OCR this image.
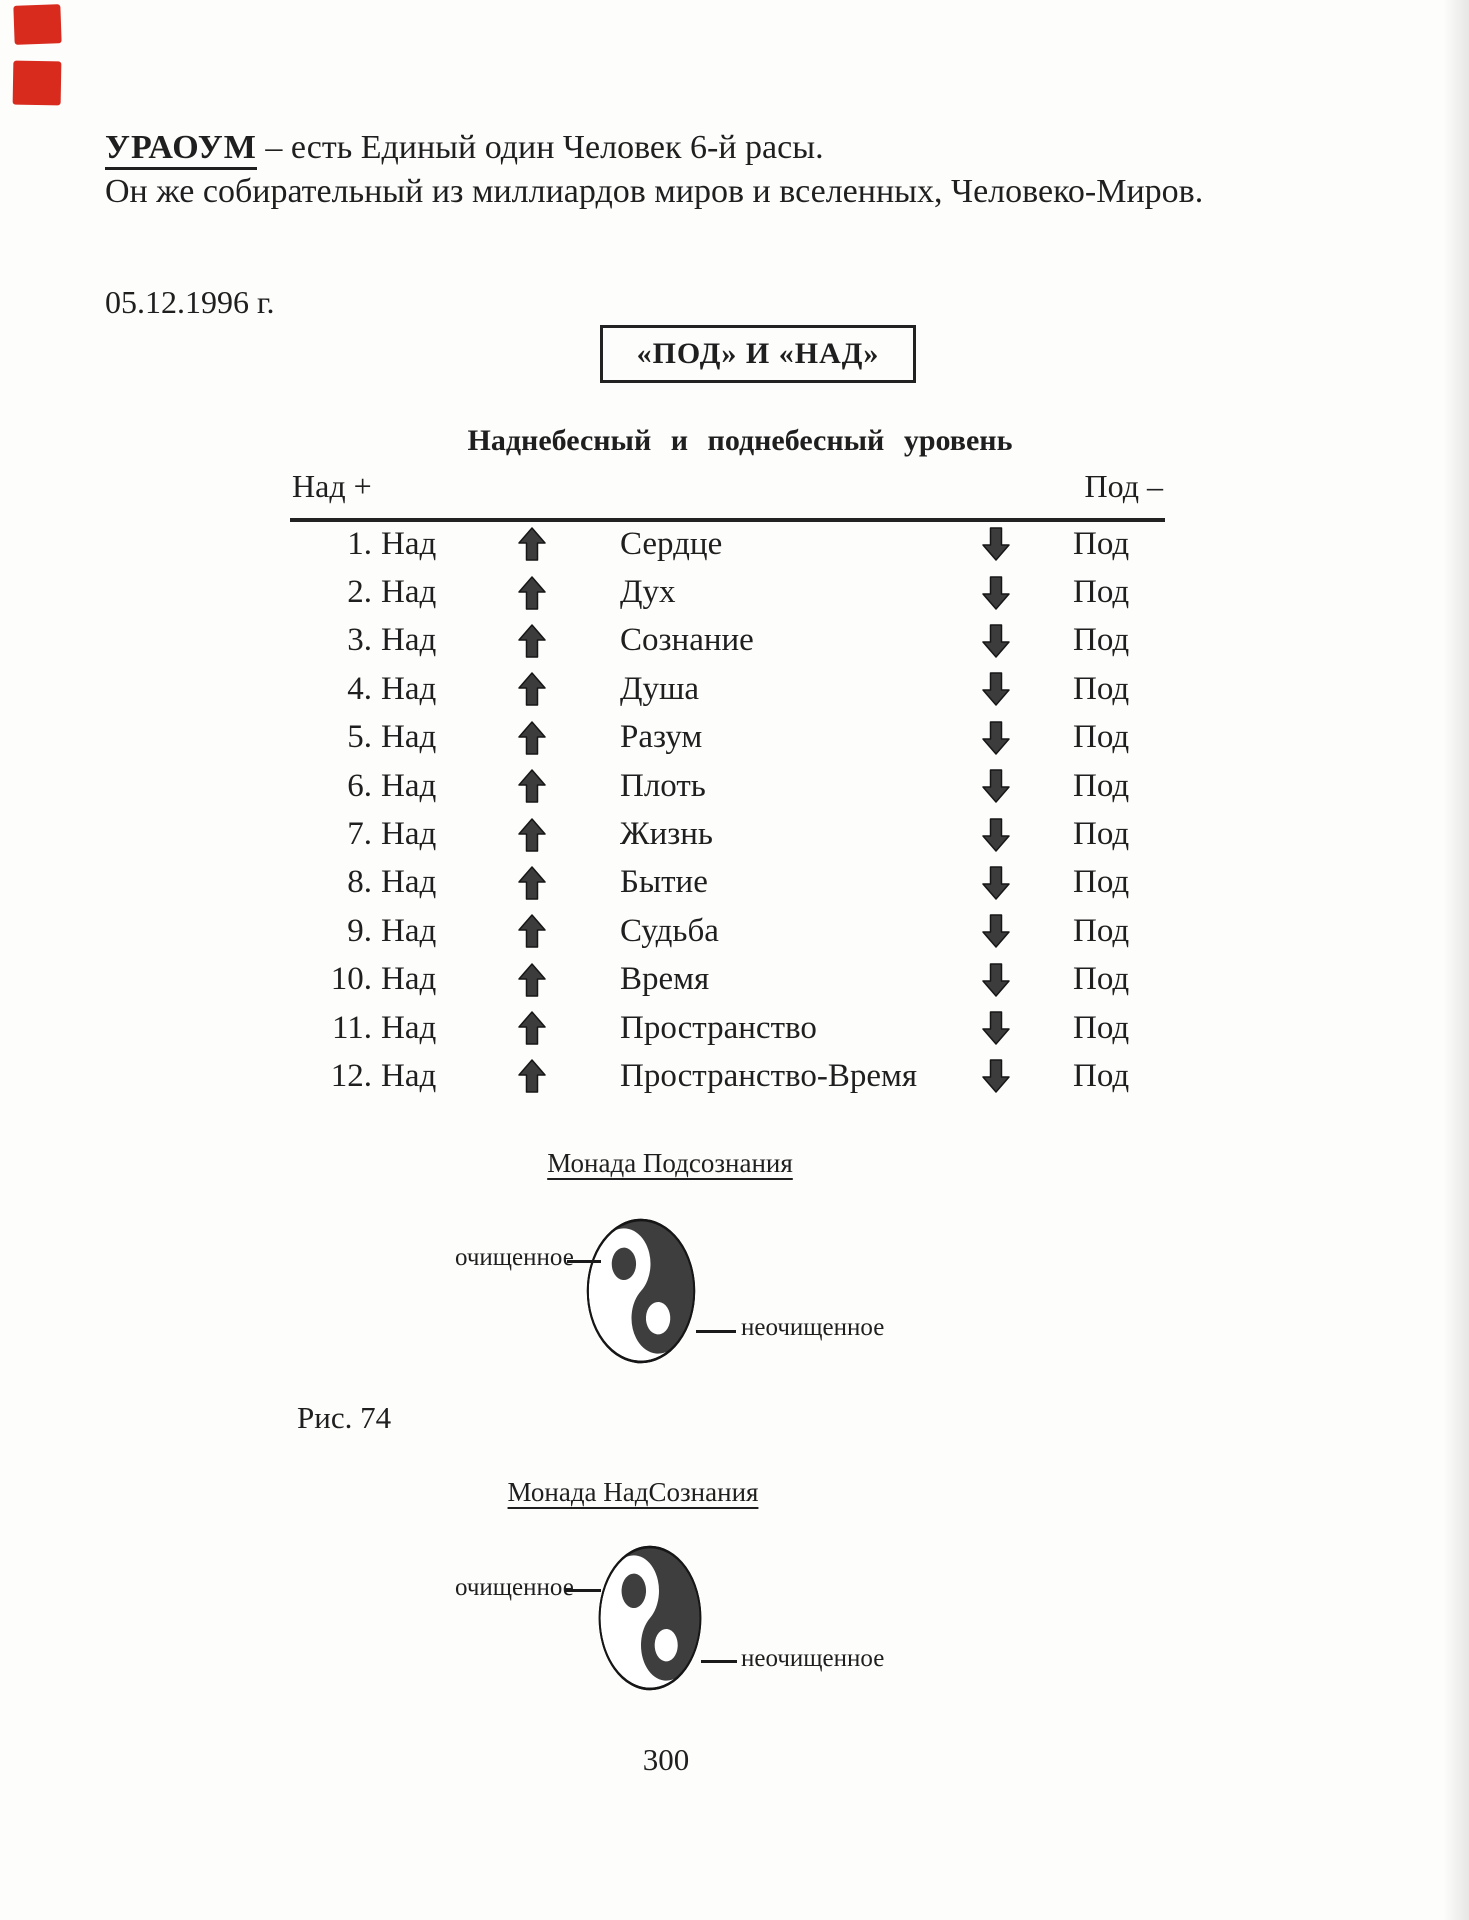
УРАОУМ – есть Единый один Человек 6-й расы.
Он же собирательный из миллиардов миров и вселенных, Человеко-Миров.
05.12.1996 г.
«ПОД» И «НАД»
Наднебесный и поднебесный уровень
Над +	Под –
1. Над	Сердце	Под
2. Над	Дух	Под
3. Над	Сознание	Под
4. Над	Душа	Под
5. Над	Разум	Под
6. Над	Плоть	Под
7. Над	Жизнь	Под
8. Над	Бытие	Под
9. Над	Судьба	Под
10. Над	Время	Под
11. Над	Пространство	Под
12. Над	Пространство-Время	Под
Монада Подсознания
очищенное
неочищенное
Рис. 74
Монада НадСознания
очищенное
неочищенное
300
